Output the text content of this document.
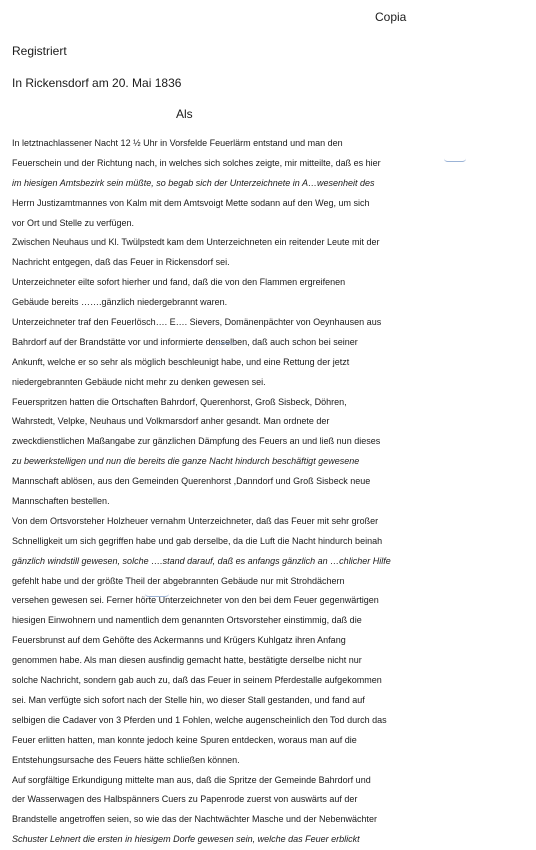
Copia
Registriert
In Rickensdorf am 20. Mai 1836
Als
In letztnachlassener Nacht 12 ½ Uhr in Vorsfelde Feuerlärm entstand und man den
Feuerschein und der Richtung nach, in welches sich solches zeigte, mir mitteilte, daß es hier
im hiesigen Amtsbezirk sein müßte, so begab sich der Unterzeichnete in A…wesenheit des
Herrn Justizamtmannes von Kalm mit dem Amtsvoigt Mette sodann auf den Weg, um sich
vor Ort und Stelle zu verfügen.
Zwischen Neuhaus und Kl. Twülpstedt kam dem Unterzeichneten ein reitender Leute mit der
Nachricht entgegen, daß das Feuer in Rickensdorf sei.
Unterzeichneter eilte sofort hierher und fand, daß die von den Flammen ergreifenen
Gebäude bereits …….gänzlich niedergebrannt waren.
Unterzeichneter traf den Feuerlösch…. E…. Sievers, Domänenpächter von Oeynhausen aus
Bahrdorf auf der Brandstätte vor und informierte denselben, daß auch schon bei seiner
Ankunft, welche er so sehr als möglich beschleunigt habe, und eine Rettung der jetzt
niedergebrannten Gebäude nicht mehr zu denken gewesen sei.
Feuerspritzen hatten die Ortschaften Bahrdorf, Querenhorst, Groß Sisbeck, Döhren,
Wahrstedt, Velpke, Neuhaus und Volkmarsdorf anher gesandt. Man ordnete der
zweckdienstlichen Maßangabe zur gänzlichen Dämpfung des Feuers an und ließ nun dieses
zu bewerkstelligen und nun die bereits die ganze Nacht hindurch beschäftigt gewesene
Mannschaft ablösen, aus den Gemeinden Querenhorst ,Danndorf und Groß Sisbeck neue
Mannschaften bestellen.
Von dem Ortsvorsteher Holzheuer vernahm Unterzeichneter, daß das Feuer mit sehr großer
Schnelligkeit um sich gegriffen habe und gab derselbe, da die Luft die Nacht hindurch beinah
gänzlich windstill gewesen, solche ….stand darauf, daß es anfangs gänzlich an …chlicher Hilfe
gefehlt habe und der größte Theil der abgebrannten Gebäude nur mit Strohdächern
versehen gewesen sei. Ferner hörte Unterzeichneter von den bei dem Feuer gegenwärtigen
hiesigen Einwohnern und namentlich dem genannten Ortsvorsteher einstimmig, daß die
Feuersbrunst auf dem Gehöfte des Ackermanns und Krügers Kuhlgatz ihren Anfang
genommen habe. Als man diesen ausfindig gemacht hatte, bestätigte derselbe nicht nur
solche Nachricht, sondern gab auch zu, daß das Feuer in seinem Pferdestalle aufgekommen
sei. Man verfügte sich sofort nach der Stelle hin, wo dieser Stall gestanden, und fand auf
selbigen die Cadaver von 3 Pferden und 1 Fohlen, welche augenscheinlich den Tod durch das
Feuer erlitten hatten, man konnte jedoch keine Spuren entdecken, woraus man auf die
Entstehungsursache des Feuers hätte schließen können.
Auf sorgfältige Erkundigung mittelte man aus, daß die Spritze der Gemeinde Bahrdorf und
der Wasserwagen des Halbspänners Cuers zu Papenrode zuerst von auswärts auf der
Brandstelle angetroffen seien, so wie das der Nachtwächter Masche und der Nebenwächter
Schuster Lehnert die ersten in hiesigem Dorfe gewesen sein, welche das Feuer erblickt
